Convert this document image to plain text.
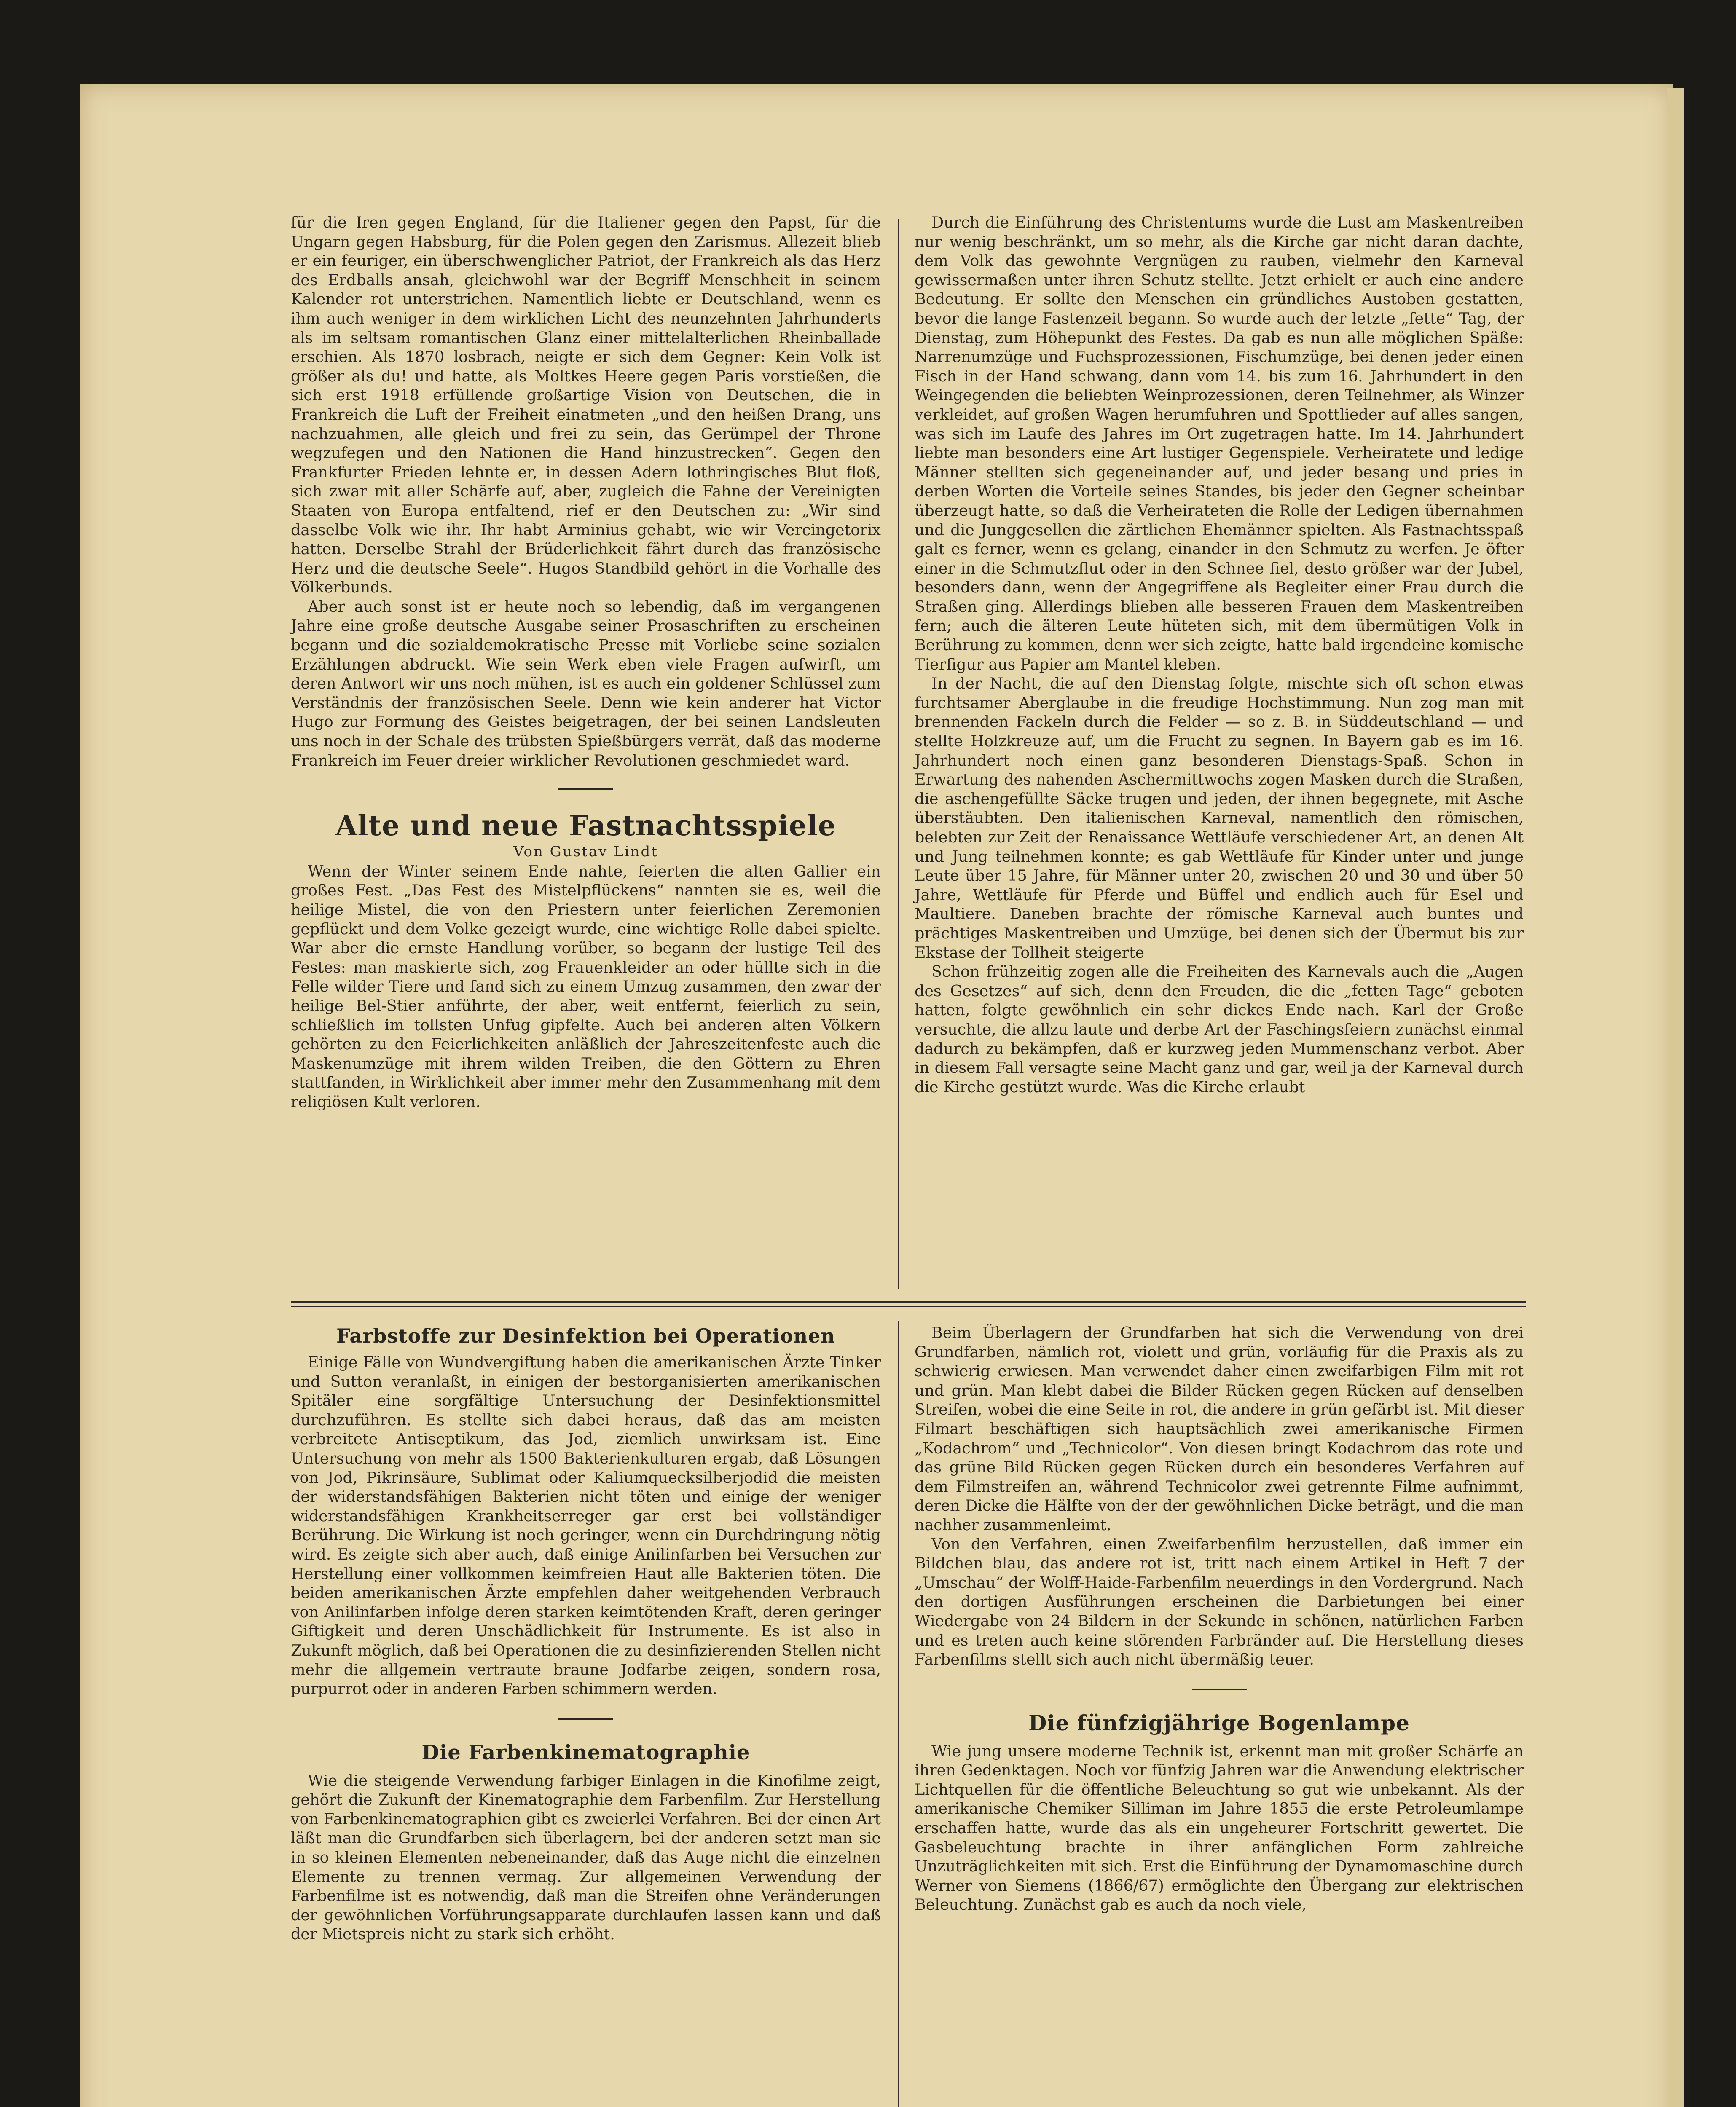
für die Iren gegen England, für die Italiener gegen den Papst, für die Ungarn gegen Habsburg, für die Polen gegen den Zarismus. Allezeit blieb er ein feuriger, ein überschwenglicher Patriot, der Frankreich als das Herz des Erdballs ansah, gleichwohl war der Begriff Menschheit in seinem Kalender rot unterstrichen. Namentlich liebte er Deutschland, wenn es ihm auch weniger in dem wirklichen Licht des neunzehnten Jahrhunderts als im seltsam romantischen Glanz einer mittelalterlichen Rheinballade erschien. Als 1870 losbrach, neigte er sich dem Gegner: Kein Volk ist größer als du! und hatte, als Moltkes Heere gegen Paris vorstießen, die sich erst 1918 erfüllende großartige Vision von Deutschen, die in Frankreich die Luft der Freiheit einatmeten „und den heißen Drang, uns nachzuahmen, alle gleich und frei zu sein, das Gerümpel der Throne wegzufegen und den Nationen die Hand hinzustrecken“. Gegen den Frankfurter Frieden lehnte er, in dessen Adern lothringisches Blut floß, sich zwar mit aller Schärfe auf, aber, zugleich die Fahne der Vereinigten Staaten von Europa entfaltend, rief er den Deutschen zu: „Wir sind dasselbe Volk wie ihr. Ihr habt Arminius gehabt, wie wir Vercingetorix hatten. Derselbe Strahl der Brüderlichkeit fährt durch das französische Herz und die deutsche Seele“. Hugos Standbild gehört in die Vorhalle des Völkerbunds.

Aber auch sonst ist er heute noch so lebendig, daß im vergangenen Jahre eine große deutsche Ausgabe seiner Prosaschriften zu erscheinen begann und die sozialdemokratische Presse mit Vorliebe seine sozialen Erzählungen abdruckt. Wie sein Werk eben viele Fragen aufwirft, um deren Antwort wir uns noch mühen, ist es auch ein goldener Schlüssel zum Verständnis der französischen Seele. Denn wie kein anderer hat Victor Hugo zur Formung des Geistes beigetragen, der bei seinen Landsleuten uns noch in der Schale des trübsten Spießbürgers verrät, daß das moderne Frankreich im Feuer dreier wirklicher Revolutionen geschmiedet ward.

Alte und neue Fastnachtsspiele

Von Gustav Lindt

Wenn der Winter seinem Ende nahte, feierten die alten Gallier ein großes Fest. „Das Fest des Mistelpflückens“ nannten sie es, weil die heilige Mistel, die von den Priestern unter feierlichen Zeremonien gepflückt und dem Volke gezeigt wurde, eine wichtige Rolle dabei spielte. War aber die ernste Handlung vorüber, so begann der lustige Teil des Festes: man maskierte sich, zog Frauenkleider an oder hüllte sich in die Felle wilder Tiere und fand sich zu einem Umzug zusammen, den zwar der heilige Bel-Stier anführte, der aber, weit entfernt, feierlich zu sein, schließlich im tollsten Unfug gipfelte. Auch bei anderen alten Völkern gehörten zu den Feierlichkeiten anläßlich der Jahreszeitenfeste auch die Maskenumzüge mit ihrem wilden Treiben, die den Göttern zu Ehren stattfanden, in Wirklichkeit aber immer mehr den Zusammenhang mit dem religiösen Kult verloren.

Durch die Einführung des Christentums wurde die Lust am Maskentreiben nur wenig beschränkt, um so mehr, als die Kirche gar nicht daran dachte, dem Volk das gewohnte Vergnügen zu rauben, vielmehr den Karneval gewissermaßen unter ihren Schutz stellte. Jetzt erhielt er auch eine andere Bedeutung. Er sollte den Menschen ein gründliches Austoben gestatten, bevor die lange Fastenzeit begann. So wurde auch der letzte „fette“ Tag, der Dienstag, zum Höhepunkt des Festes. Da gab es nun alle möglichen Späße: Narrenumzüge und Fuchsprozessionen, Fischumzüge, bei denen jeder einen Fisch in der Hand schwang, dann vom 14. bis zum 16. Jahrhundert in den Weingegenden die beliebten Weinprozessionen, deren Teilnehmer, als Winzer verkleidet, auf großen Wagen herumfuhren und Spottlieder auf alles sangen, was sich im Laufe des Jahres im Ort zugetragen hatte. Im 14. Jahrhundert liebte man besonders eine Art lustiger Gegenspiele. Verheiratete und ledige Männer stellten sich gegeneinander auf, und jeder besang und pries in derben Worten die Vorteile seines Standes, bis jeder den Gegner scheinbar überzeugt hatte, so daß die Verheirateten die Rolle der Ledigen übernahmen und die Junggesellen die zärtlichen Ehemänner spielten. Als Fastnachtsspaß galt es ferner, wenn es gelang, einander in den Schmutz zu werfen. Je öfter einer in die Schmutzflut oder in den Schnee fiel, desto größer war der Jubel, besonders dann, wenn der Angegriffene als Begleiter einer Frau durch die Straßen ging. Allerdings blieben alle besseren Frauen dem Maskentreiben fern; auch die älteren Leute hüteten sich, mit dem übermütigen Volk in Berührung zu kommen, denn wer sich zeigte, hatte bald irgendeine komische Tierfigur aus Papier am Mantel kleben.

In der Nacht, die auf den Dienstag folgte, mischte sich oft schon etwas furchtsamer Aberglaube in die freudige Hochstimmung. Nun zog man mit brennenden Fackeln durch die Felder — so z. B. in Süddeutschland — und stellte Holzkreuze auf, um die Frucht zu segnen. In Bayern gab es im 16. Jahrhundert noch einen ganz besonderen Dienstags-Spaß. Schon in Erwartung des nahenden Aschermittwochs zogen Masken durch die Straßen, die aschengefüllte Säcke trugen und jeden, der ihnen begegnete, mit Asche überstäubten. Den italienischen Karneval, namentlich den römischen, belebten zur Zeit der Renaissance Wettläufe verschiedener Art, an denen Alt und Jung teilnehmen konnte; es gab Wettläufe für Kinder unter und junge Leute über 15 Jahre, für Männer unter 20, zwischen 20 und 30 und über 50 Jahre, Wettläufe für Pferde und Büffel und endlich auch für Esel und Maultiere. Daneben brachte der römische Karneval auch buntes und prächtiges Maskentreiben und Umzüge, bei denen sich der Übermut bis zur Ekstase der Tollheit steigerte

Schon frühzeitig zogen alle die Freiheiten des Karnevals auch die „Augen des Gesetzes“ auf sich, denn den Freuden, die die „fetten Tage“ geboten hatten, folgte gewöhnlich ein sehr dickes Ende nach. Karl der Große versuchte, die allzu laute und derbe Art der Faschingsfeiern zunächst einmal dadurch zu bekämpfen, daß er kurzweg jeden Mummenschanz verbot. Aber in diesem Fall versagte seine Macht ganz und gar, weil ja der Karneval durch die Kirche gestützt wurde. Was die Kirche erlaubt

Farbstoffe zur Desinfektion bei Operationen

Einige Fälle von Wundvergiftung haben die amerikanischen Ärzte Tinker und Sutton veranlaßt, in einigen der bestorganisierten amerikanischen Spitäler eine sorgfältige Untersuchung der Desinfektionsmittel durchzuführen. Es stellte sich dabei heraus, daß das am meisten verbreitete Antiseptikum, das Jod, ziemlich unwirksam ist. Eine Untersuchung von mehr als 1500 Bakterienkulturen ergab, daß Lösungen von Jod, Pikrinsäure, Sublimat oder Kaliumquecksilberjodid die meisten der widerstandsfähigen Bakterien nicht töten und einige der weniger widerstandsfähigen Krankheitserreger gar erst bei vollständiger Berührung. Die Wirkung ist noch geringer, wenn ein Durchdringung nötig wird. Es zeigte sich aber auch, daß einige Anilinfarben bei Versuchen zur Herstellung einer vollkommen keimfreien Haut alle Bakterien töten. Die beiden amerikanischen Ärzte empfehlen daher weitgehenden Verbrauch von Anilinfarben infolge deren starken keimtötenden Kraft, deren geringer Giftigkeit und deren Unschädlichkeit für Instrumente. Es ist also in Zukunft möglich, daß bei Operationen die zu desinfizierenden Stellen nicht mehr die allgemein vertraute braune Jodfarbe zeigen, sondern rosa, purpurrot oder in anderen Farben schimmern werden.

Die Farbenkinematographie

Wie die steigende Verwendung farbiger Einlagen in die Kinofilme zeigt, gehört die Zukunft der Kinematographie dem Farbenfilm. Zur Herstellung von Farbenkinematographien gibt es zweierlei Verfahren. Bei der einen Art läßt man die Grundfarben sich überlagern, bei der anderen setzt man sie in so kleinen Elementen nebeneinander, daß das Auge nicht die einzelnen Elemente zu trennen vermag. Zur allgemeinen Verwendung der Farbenfilme ist es notwendig, daß man die Streifen ohne Veränderungen der gewöhnlichen Vorführungsapparate durchlaufen lassen kann und daß der Mietspreis nicht zu stark sich erhöht.

Beim Überlagern der Grundfarben hat sich die Verwendung von drei Grundfarben, nämlich rot, violett und grün, vorläufig für die Praxis als zu schwierig erwiesen. Man verwendet daher einen zweifarbigen Film mit rot und grün. Man klebt dabei die Bilder Rücken gegen Rücken auf denselben Streifen, wobei die eine Seite in rot, die andere in grün gefärbt ist. Mit dieser Filmart beschäftigen sich hauptsächlich zwei amerikanische Firmen „Kodachrom“ und „Technicolor“. Von diesen bringt Kodachrom das rote und das grüne Bild Rücken gegen Rücken durch ein besonderes Verfahren auf dem Filmstreifen an, während Technicolor zwei getrennte Filme aufnimmt, deren Dicke die Hälfte von der der gewöhnlichen Dicke beträgt, und die man nachher zusammenleimt.

Von den Verfahren, einen Zweifarbenfilm herzustellen, daß immer ein Bildchen blau, das andere rot ist, tritt nach einem Artikel in Heft 7 der „Umschau“ der Wolff-Haide-Farbenfilm neuerdings in den Vordergrund. Nach den dortigen Ausführungen erscheinen die Darbietungen bei einer Wiedergabe von 24 Bildern in der Sekunde in schönen, natürlichen Farben und es treten auch keine störenden Farbränder auf. Die Herstellung dieses Farbenfilms stellt sich auch nicht übermäßig teuer.

Die fünfzigjährige Bogenlampe

Wie jung unsere moderne Technik ist, erkennt man mit großer Schärfe an ihren Gedenktagen. Noch vor fünfzig Jahren war die Anwendung elektrischer Lichtquellen für die öffentliche Beleuchtung so gut wie unbekannt. Als der amerikanische Chemiker Silliman im Jahre 1855 die erste Petroleumlampe erschaffen hatte, wurde das als ein ungeheurer Fortschritt gewertet. Die Gasbeleuchtung brachte in ihrer anfänglichen Form zahlreiche Unzuträglichkeiten mit sich. Erst die Einführung der Dynamomaschine durch Werner von Siemens (1866/67) ermöglichte den Übergang zur elektrischen Beleuchtung. Zunächst gab es auch da noch viele,
